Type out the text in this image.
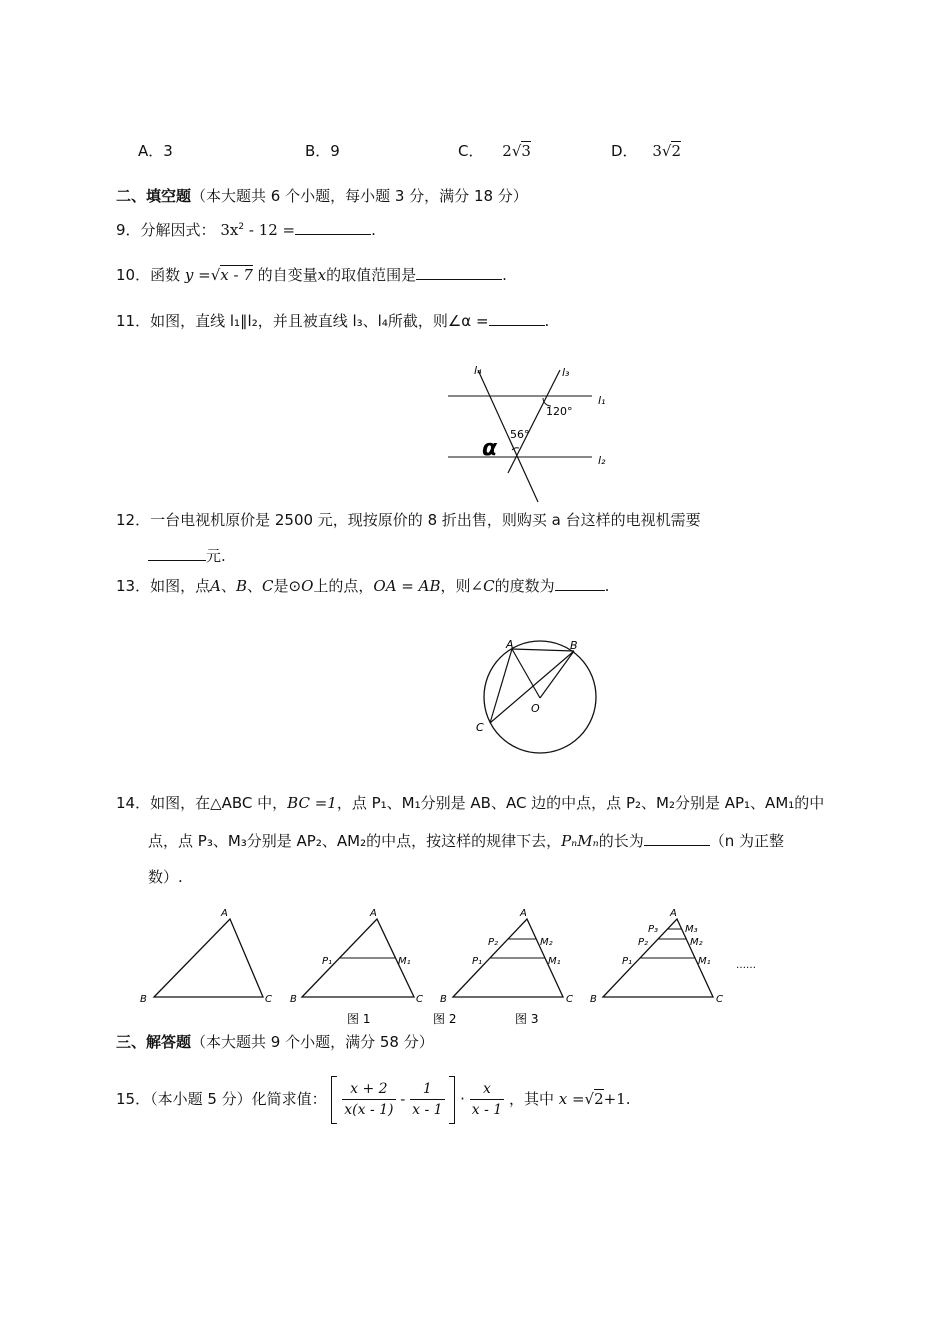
A．3	B．9	C． 2√3	D． 3√2
二、填空题（本大题共 6 个小题，每小题 3 分，满分 18 分）
9．分解因式： $3x^2 - 12$ =	.
10．函数 y =√x - 7 的自变量x的取值范围是	.
11．如图，直线 l₁∥l₂，并且被直线 l₃、l₄所截，则∠α =	.
l₄	l₃
l₁
l₂
120°
56°
α
12．一台电视机原价是 2500 元，现按原价的 8 折出售，则购买 a 台这样的电视机需要
元.
13．如图，点A、B、C是⊙O上的点，OA = AB，则∠C的度数为	.
A	B
O
C
14．如图，在△ABC 中，BC =1，点 P₁、M₁分别是 AB、AC 边的中点，点 P₂、M₂分别是 AP₁、AM₁的中
点，点 P₃、M₃分别是 AP₂、AM₂的中点，按这样的规律下去，PₙMₙ的长为	（n 为正整
数）.
A
B	C
A
B	C
P₁	M₁
图 1
A
B	C
P₁	M₁
P₂	M₂
图 2
A
B	C
P₁	M₁
P₂	M₂
P₃	M₃
图 3
……
三、解答题（本大题共 9 个小题，满分 58 分）
15．（本小题 5 分）化简求值： $\frac{x + 2}{x(x - 1)} - \frac{1}{x - 1} \cdot \frac{x}{x - 1}$ ，其中 x =√2+1.
